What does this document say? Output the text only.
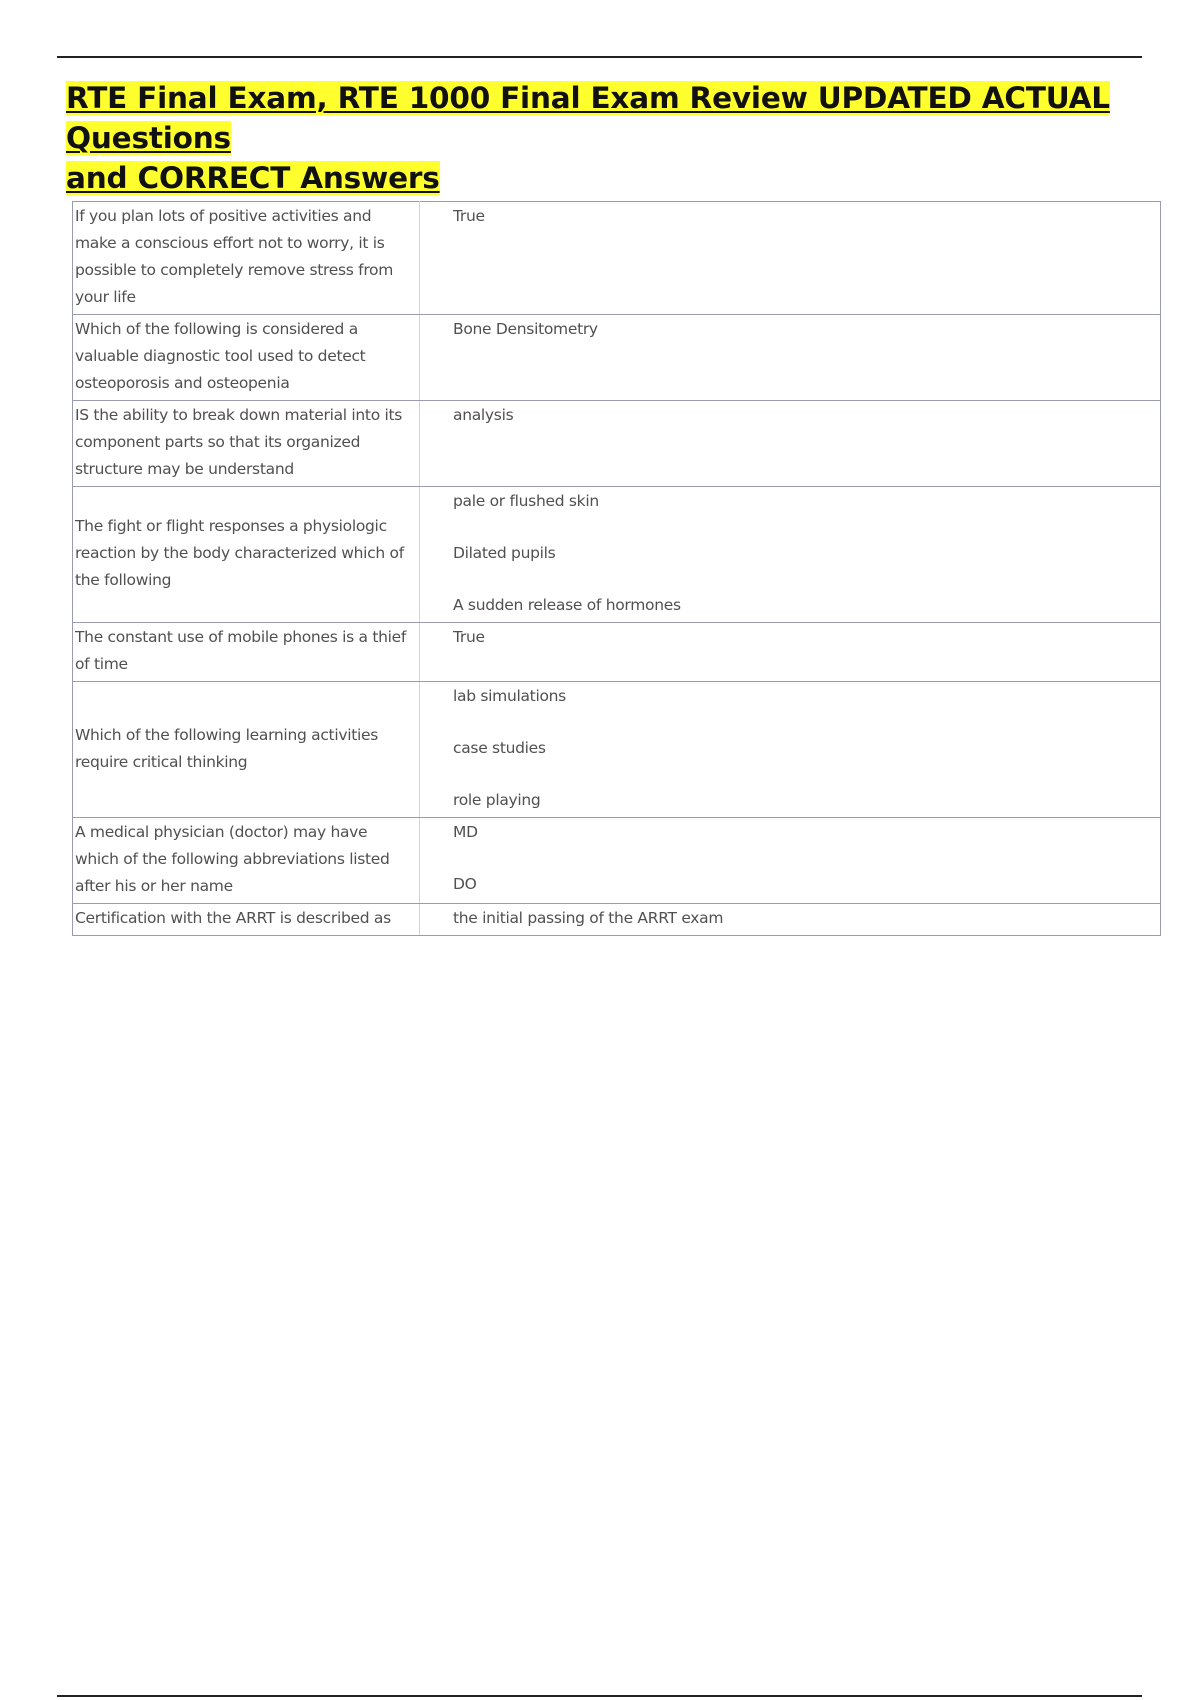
RTE Final Exam, RTE 1000 Final Exam Review UPDATED ACTUAL Questions
and CORRECT Answers
If you plan lots of positive activities and make a conscious effort not to worry, it is possible to completely remove stress from your life	True

Which of the following is considered a valuable diagnostic tool used to detect osteoporosis and osteopenia	Bone Densitometry

IS the ability to break down material into its component parts so that its organized structure may be understand	analysis

The fight or flight responses a physiologic reaction by the body characterized which of the following	pale or flushed skin
Dilated pupils
A sudden release of hormones

The constant use of mobile phones is a thief of time	True

Which of the following learning activities require critical thinking	lab simulations
case studies
role playing

A medical physician (doctor) may have which of the following abbreviations listed after his or her name	MD
DO

Certification with the ARRT is described as	the initial passing of the ARRT exam
